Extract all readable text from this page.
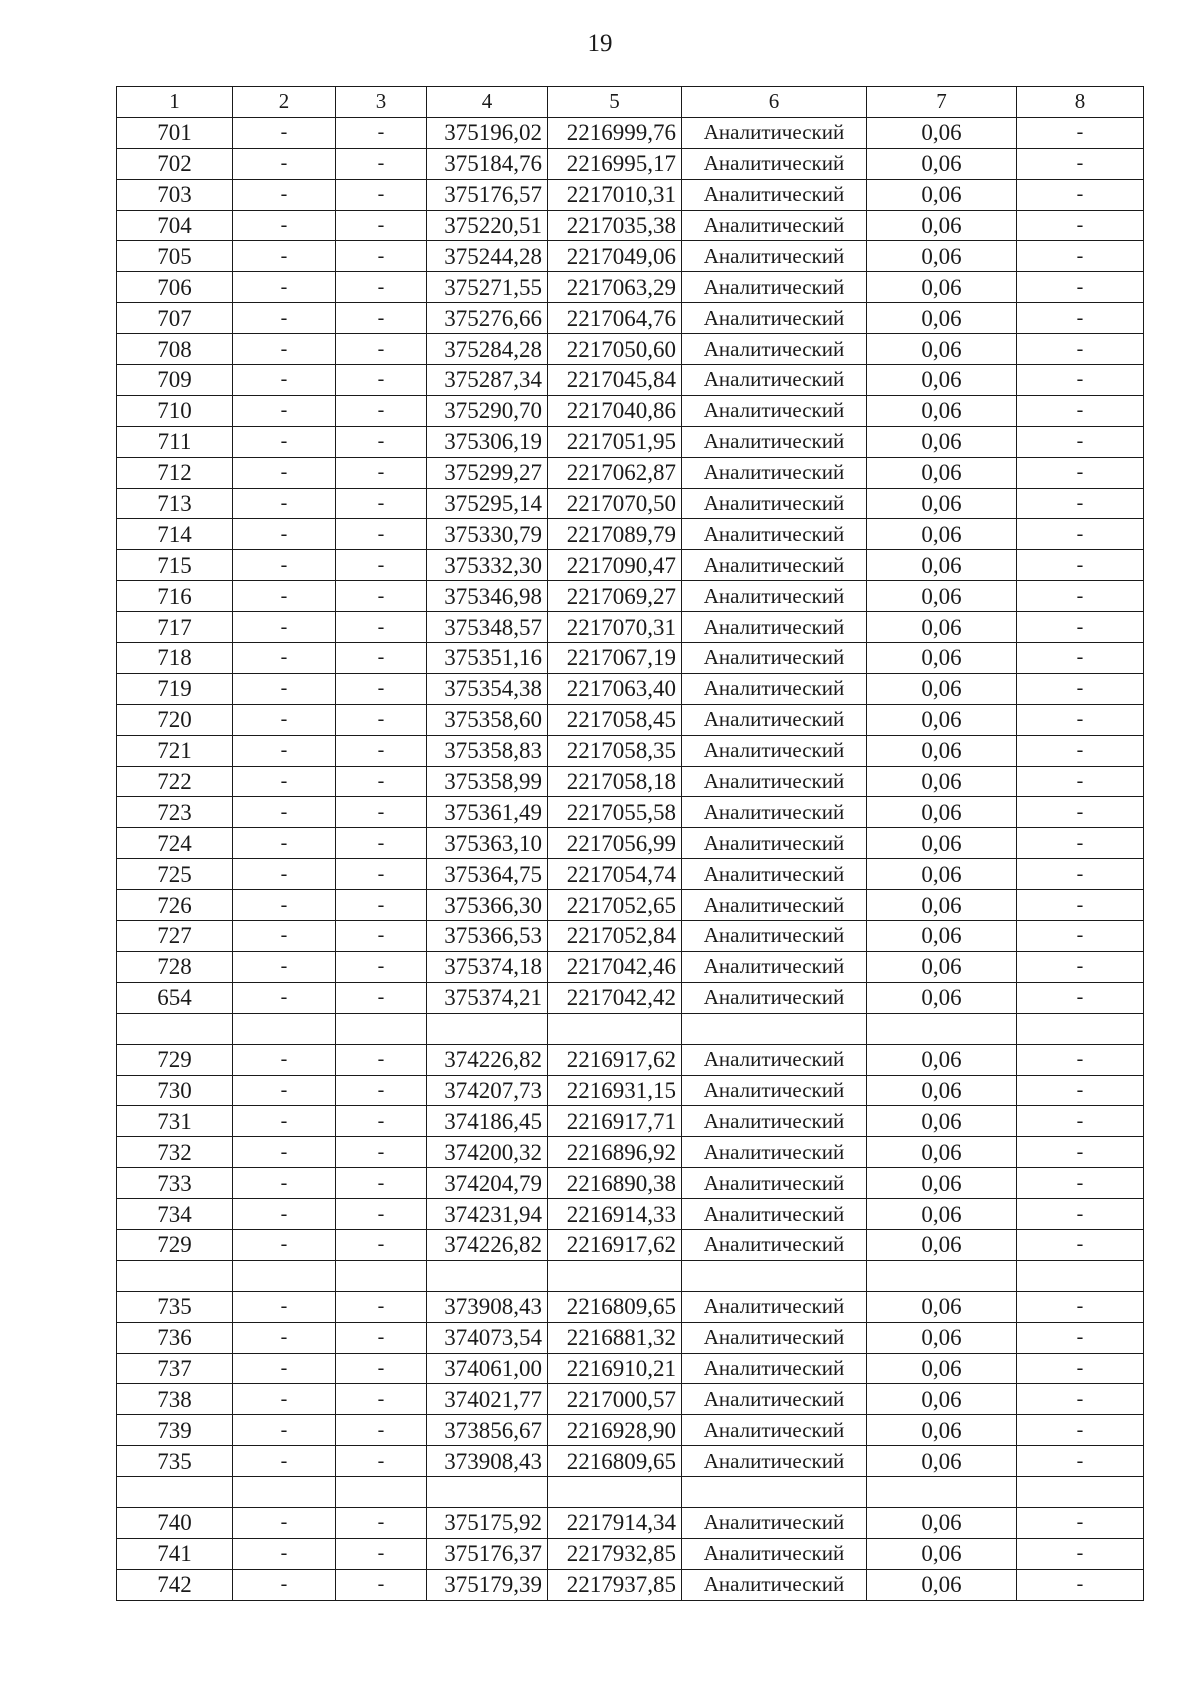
19
1	2	3	4	5	6	7	8
701	-	-	375196,02	2216999,76	Аналитический	0,06	-
702	-	-	375184,76	2216995,17	Аналитический	0,06	-
703	-	-	375176,57	2217010,31	Аналитический	0,06	-
704	-	-	375220,51	2217035,38	Аналитический	0,06	-
705	-	-	375244,28	2217049,06	Аналитический	0,06	-
706	-	-	375271,55	2217063,29	Аналитический	0,06	-
707	-	-	375276,66	2217064,76	Аналитический	0,06	-
708	-	-	375284,28	2217050,60	Аналитический	0,06	-
709	-	-	375287,34	2217045,84	Аналитический	0,06	-
710	-	-	375290,70	2217040,86	Аналитический	0,06	-
711	-	-	375306,19	2217051,95	Аналитический	0,06	-
712	-	-	375299,27	2217062,87	Аналитический	0,06	-
713	-	-	375295,14	2217070,50	Аналитический	0,06	-
714	-	-	375330,79	2217089,79	Аналитический	0,06	-
715	-	-	375332,30	2217090,47	Аналитический	0,06	-
716	-	-	375346,98	2217069,27	Аналитический	0,06	-
717	-	-	375348,57	2217070,31	Аналитический	0,06	-
718	-	-	375351,16	2217067,19	Аналитический	0,06	-
719	-	-	375354,38	2217063,40	Аналитический	0,06	-
720	-	-	375358,60	2217058,45	Аналитический	0,06	-
721	-	-	375358,83	2217058,35	Аналитический	0,06	-
722	-	-	375358,99	2217058,18	Аналитический	0,06	-
723	-	-	375361,49	2217055,58	Аналитический	0,06	-
724	-	-	375363,10	2217056,99	Аналитический	0,06	-
725	-	-	375364,75	2217054,74	Аналитический	0,06	-
726	-	-	375366,30	2217052,65	Аналитический	0,06	-
727	-	-	375366,53	2217052,84	Аналитический	0,06	-
728	-	-	375374,18	2217042,46	Аналитический	0,06	-
654	-	-	375374,21	2217042,42	Аналитический	0,06	-

729	-	-	374226,82	2216917,62	Аналитический	0,06	-
730	-	-	374207,73	2216931,15	Аналитический	0,06	-
731	-	-	374186,45	2216917,71	Аналитический	0,06	-
732	-	-	374200,32	2216896,92	Аналитический	0,06	-
733	-	-	374204,79	2216890,38	Аналитический	0,06	-
734	-	-	374231,94	2216914,33	Аналитический	0,06	-
729	-	-	374226,82	2216917,62	Аналитический	0,06	-

735	-	-	373908,43	2216809,65	Аналитический	0,06	-
736	-	-	374073,54	2216881,32	Аналитический	0,06	-
737	-	-	374061,00	2216910,21	Аналитический	0,06	-
738	-	-	374021,77	2217000,57	Аналитический	0,06	-
739	-	-	373856,67	2216928,90	Аналитический	0,06	-
735	-	-	373908,43	2216809,65	Аналитический	0,06	-

740	-	-	375175,92	2217914,34	Аналитический	0,06	-
741	-	-	375176,37	2217932,85	Аналитический	0,06	-
742	-	-	375179,39	2217937,85	Аналитический	0,06	-
